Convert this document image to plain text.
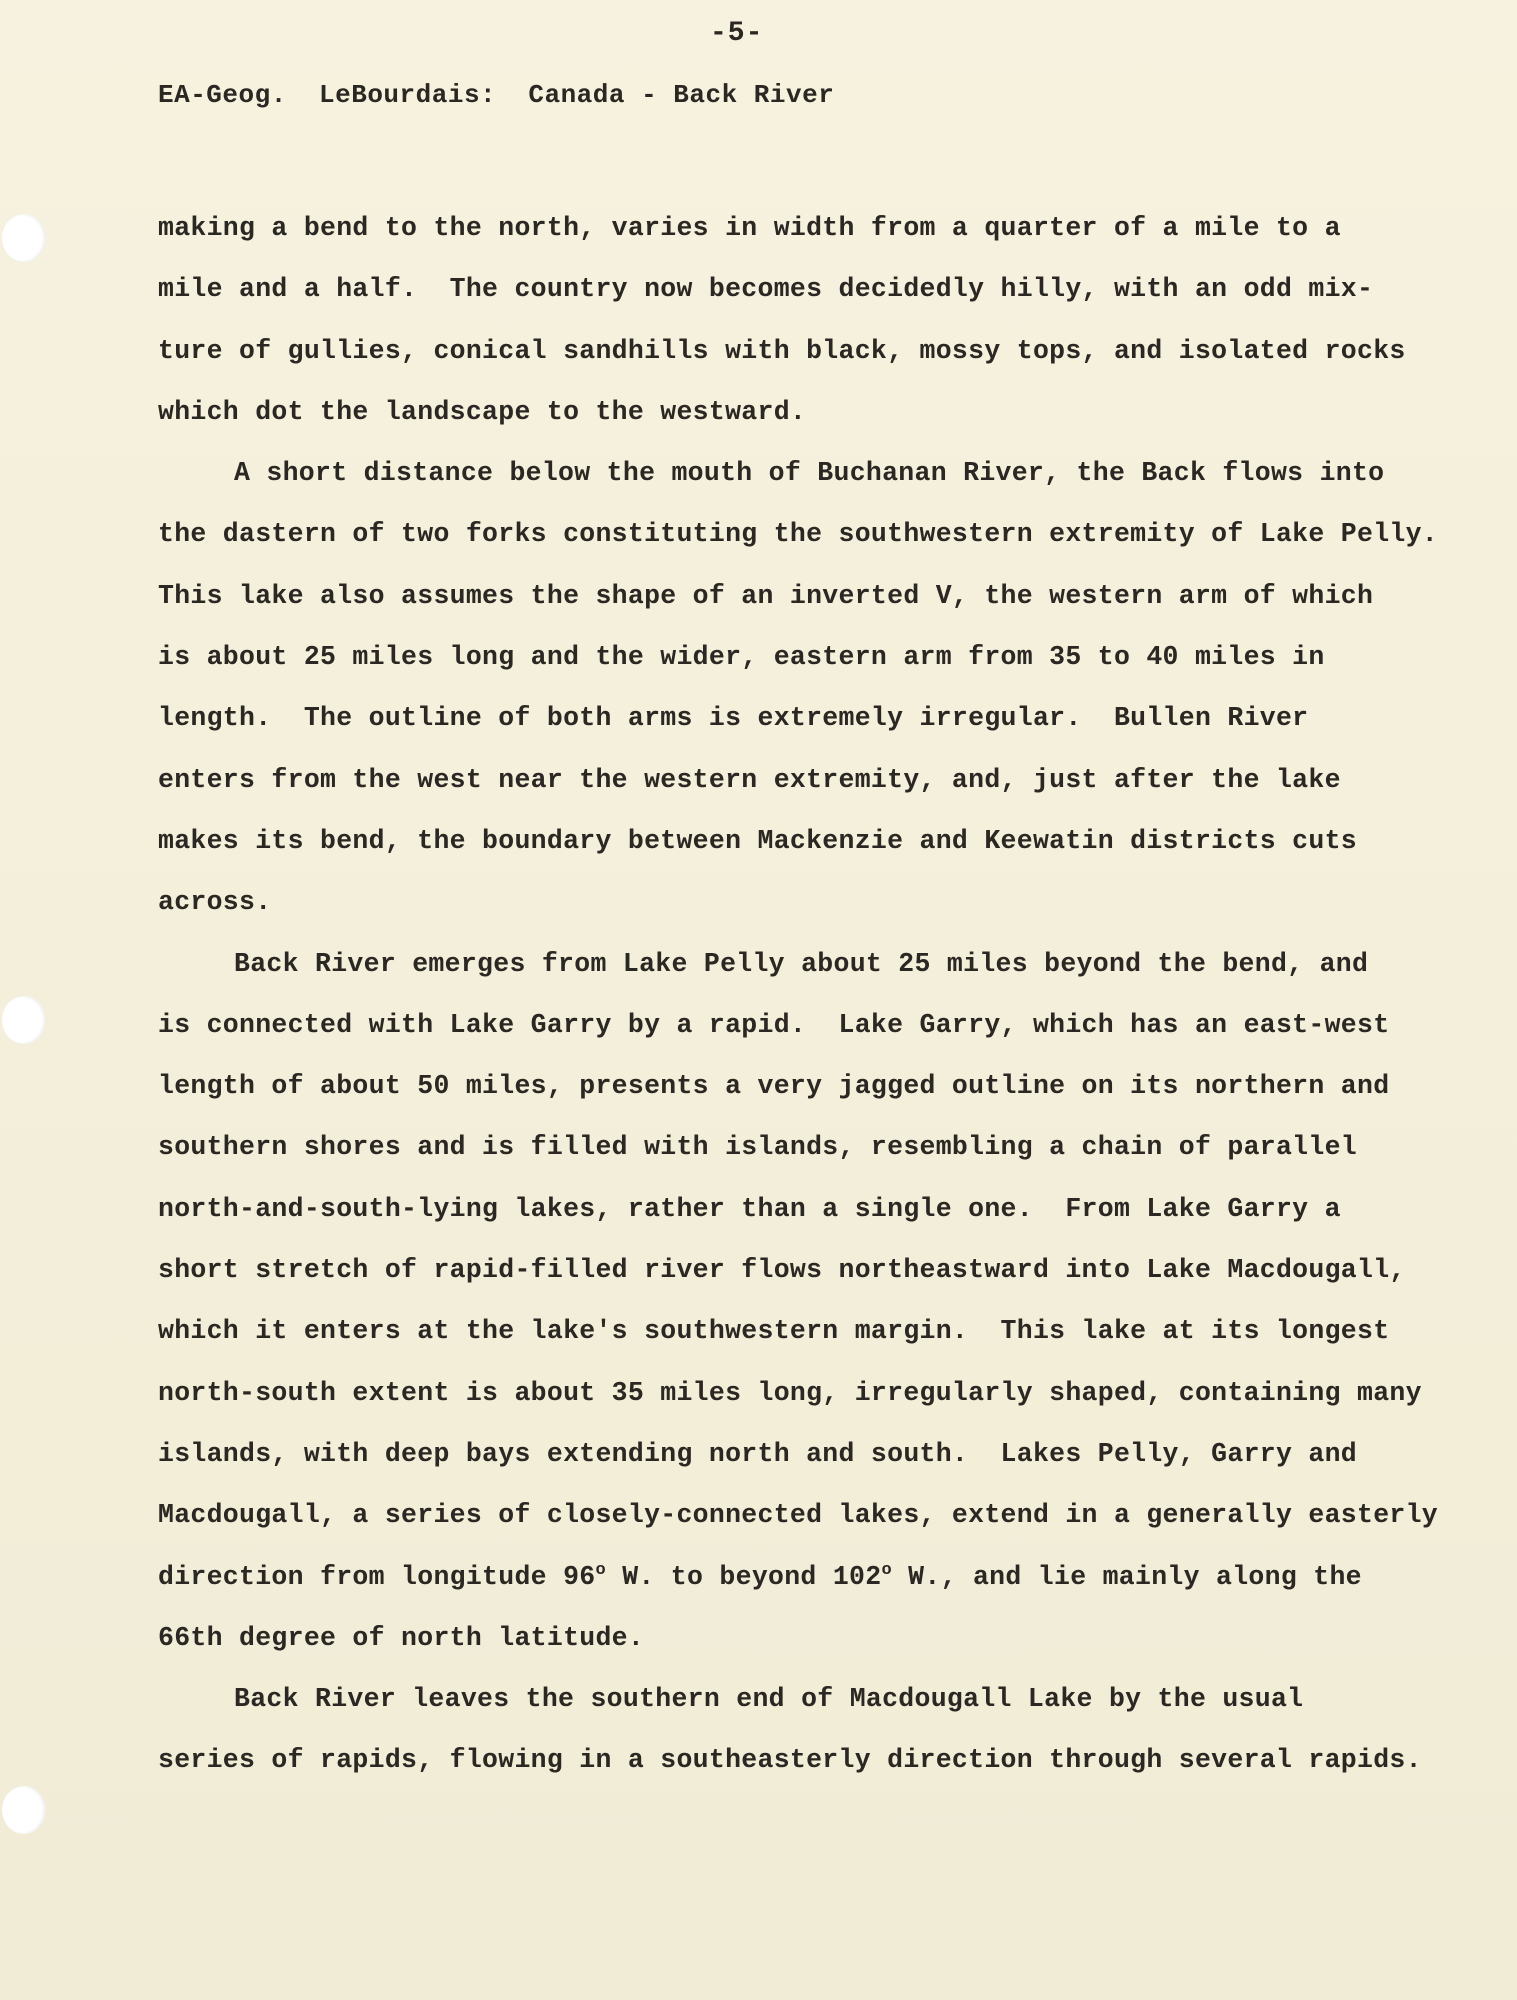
-5-
EA-Geog.  LeBourdais:  Canada - Back River
making a bend to the north, varies in width from a quarter of a mile to a
mile and a half.  The country now becomes decidedly hilly, with an odd mix-
ture of gullies, conical sandhills with black, mossy tops, and isolated rocks
which dot the landscape to the westward.
A short distance below the mouth of Buchanan River, the Back flows into
the dastern of two forks constituting the southwestern extremity of Lake Pelly.
This lake also assumes the shape of an inverted V, the western arm of which
is about 25 miles long and the wider, eastern arm from 35 to 40 miles in
length.  The outline of both arms is extremely irregular.  Bullen River
enters from the west near the western extremity, and, just after the lake
makes its bend, the boundary between Mackenzie and Keewatin districts cuts
across.
Back River emerges from Lake Pelly about 25 miles beyond the bend, and
is connected with Lake Garry by a rapid.  Lake Garry, which has an east-west
length of about 50 miles, presents a very jagged outline on its northern and
southern shores and is filled with islands, resembling a chain of parallel
north-and-south-lying lakes, rather than a single one.  From Lake Garry a
short stretch of rapid-filled river flows northeastward into Lake Macdougall,
which it enters at the lake's southwestern margin.  This lake at its longest
north-south extent is about 35 miles long, irregularly shaped, containing many
islands, with deep bays extending north and south.  Lakes Pelly, Garry and
Macdougall, a series of closely-connected lakes, extend in a generally easterly
direction from longitude 96$^o$ W. to beyond 102$^o$ W., and lie mainly along the
66th degree of north latitude.
Back River leaves the southern end of Macdougall Lake by the usual
series of rapids, flowing in a southeasterly direction through several rapids.
